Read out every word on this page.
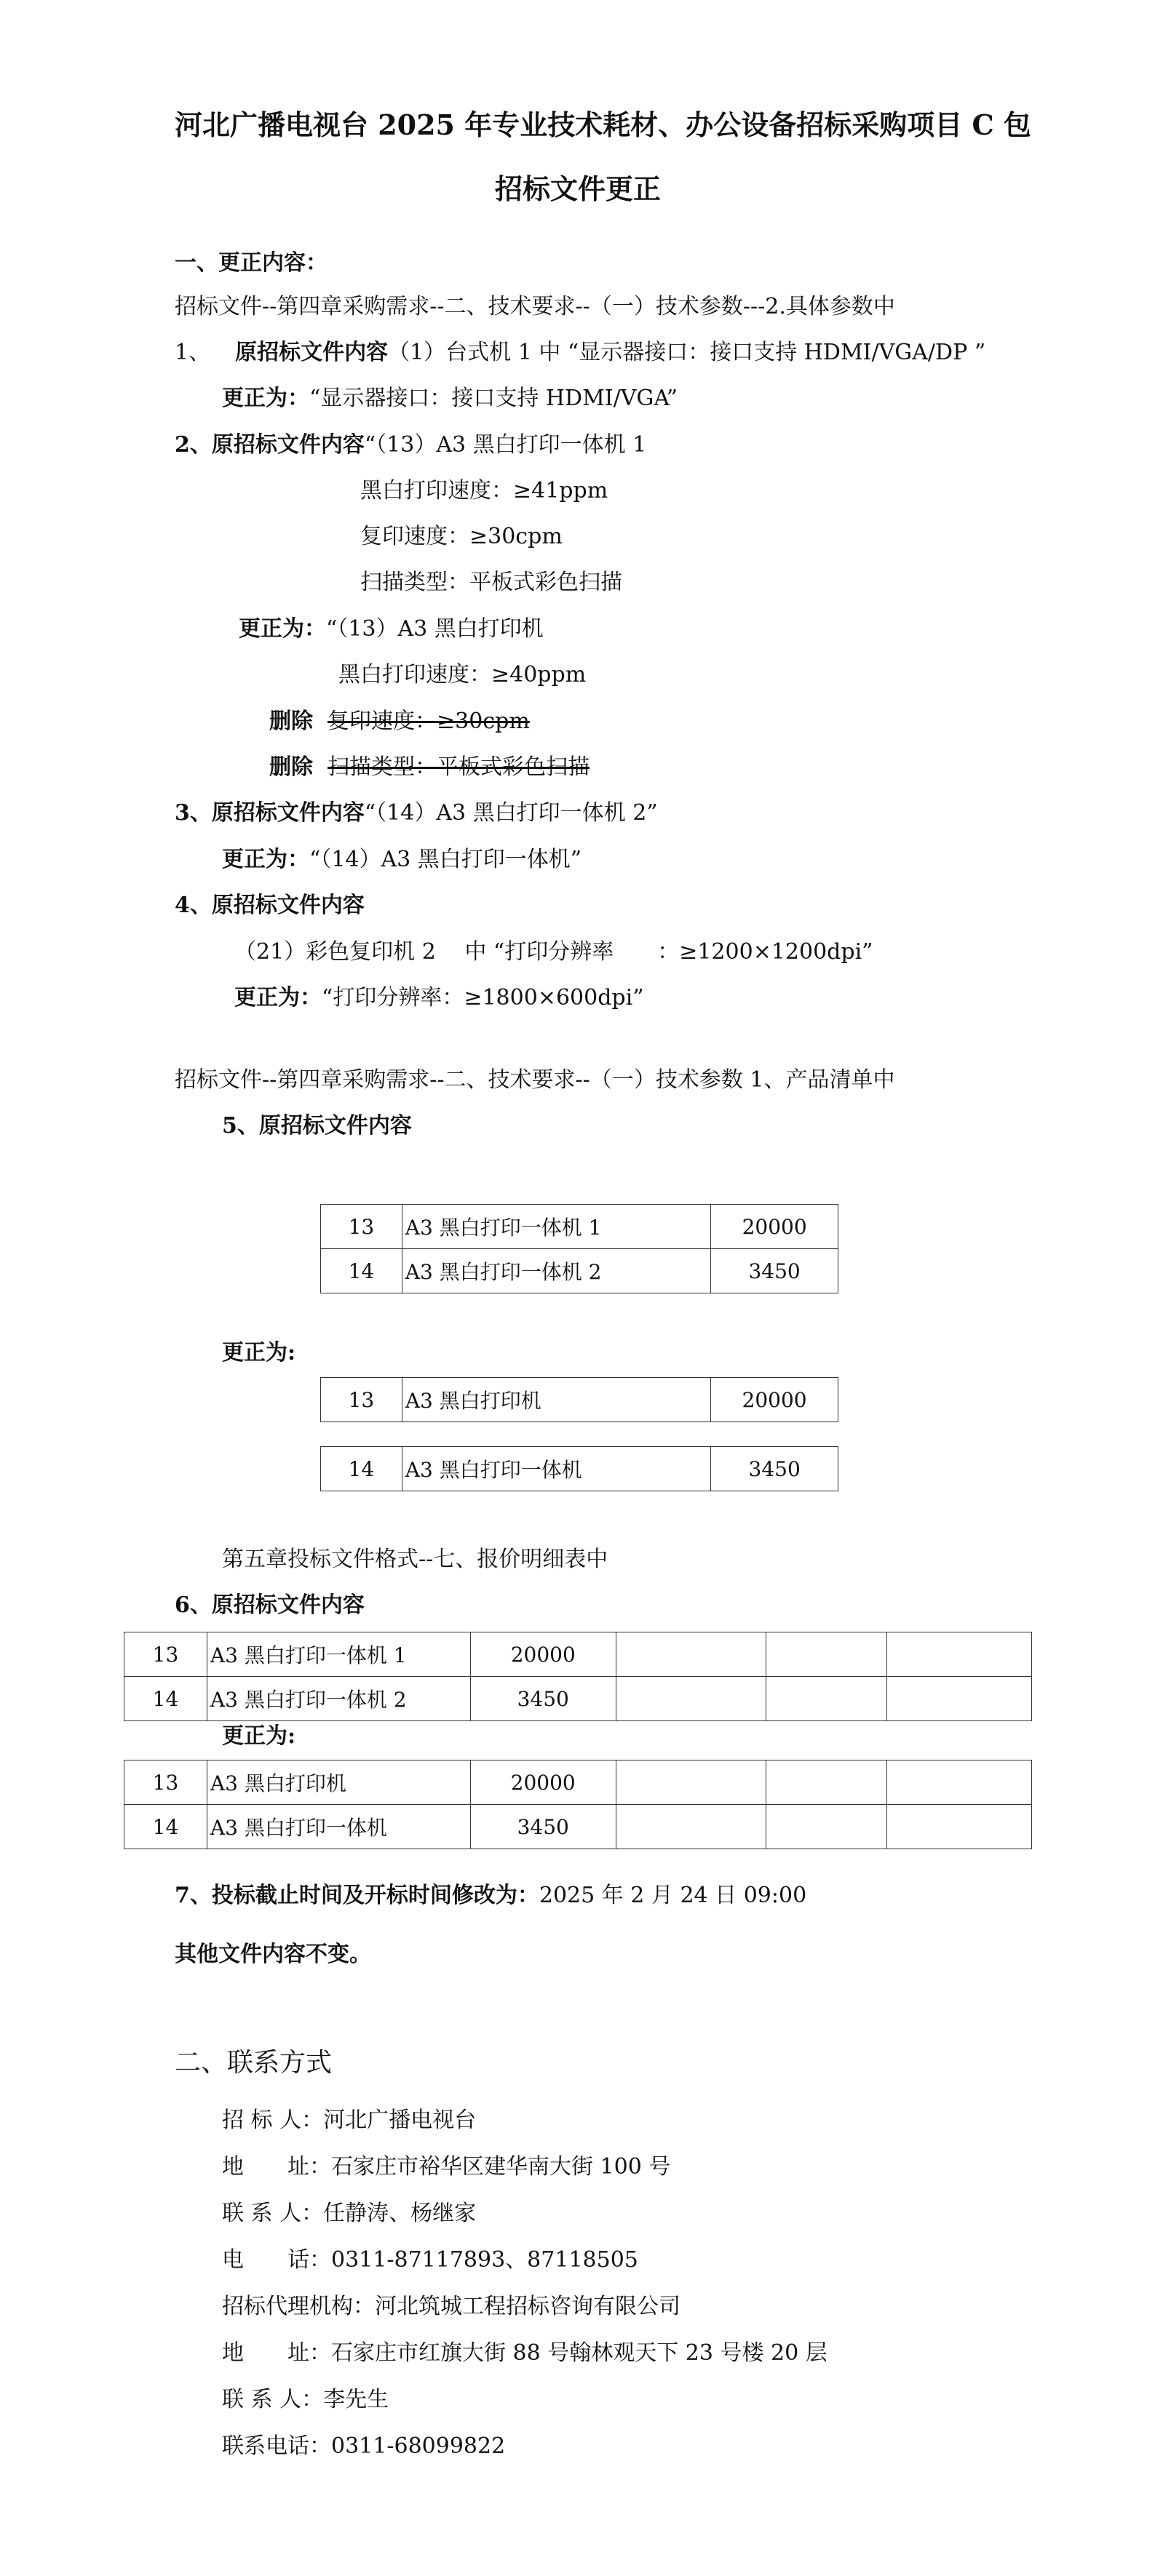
河北广播电视台 2025 年专业技术耗材、办公设备招标采购项目 C 包
招标文件更正
一、更正内容：
招标文件--第四章采购需求--二、技术要求--（一）技术参数---2.具体参数中
1、 原招标文件内容（1）台式机 1 中 “显示器接口：接口支持 HDMI/VGA/DP ”
更正为：“显示器接口：接口支持 HDMI/VGA”
2、原招标文件内容“（13）A3 黑白打印一体机 1
黑白打印速度：≥41ppm
复印速度：≥30cpm
扫描类型：平板式彩色扫描
更正为：“（13）A3 黑白打印机
黑白打印速度：≥40ppm
删除 复印速度：≥30cpm
删除 扫描类型：平板式彩色扫描
3、原招标文件内容“（14）A3 黑白打印一体机 2”
更正为：“（14）A3 黑白打印一体机”
4、原招标文件内容
（21）彩色复印机 2　 中 “打印分辨率　　：≥1200×1200dpi”
更正为：“打印分辨率：≥1800×600dpi”
招标文件--第四章采购需求--二、技术要求--（一）技术参数 1、产品清单中
5、原招标文件内容
13	A3 黑白打印一体机 1	20000
14	A3 黑白打印一体机 2	3450
更正为:
13	A3 黑白打印机	20000
14	A3 黑白打印一体机	3450
第五章投标文件格式--七、报价明细表中
6、原招标文件内容
13	A3 黑白打印一体机 1	20000			
14	A3 黑白打印一体机 2	3450			
更正为:
13	A3 黑白打印机	20000			
14	A3 黑白打印一体机	3450			
7、投标截止时间及开标时间修改为：2025 年 2 月 24 日 09:00
其他文件内容不变。
二、联系方式
招 标 人：河北广播电视台
地　　址：石家庄市裕华区建华南大街 100 号
联 系 人：任静涛、杨继家
电　　话：0311-87117893、87118505
招标代理机构：河北筑城工程招标咨询有限公司
地　　址：石家庄市红旗大街 88 号翰林观天下 23 号楼 20 层
联 系 人：李先生
联系电话：0311-68099822
